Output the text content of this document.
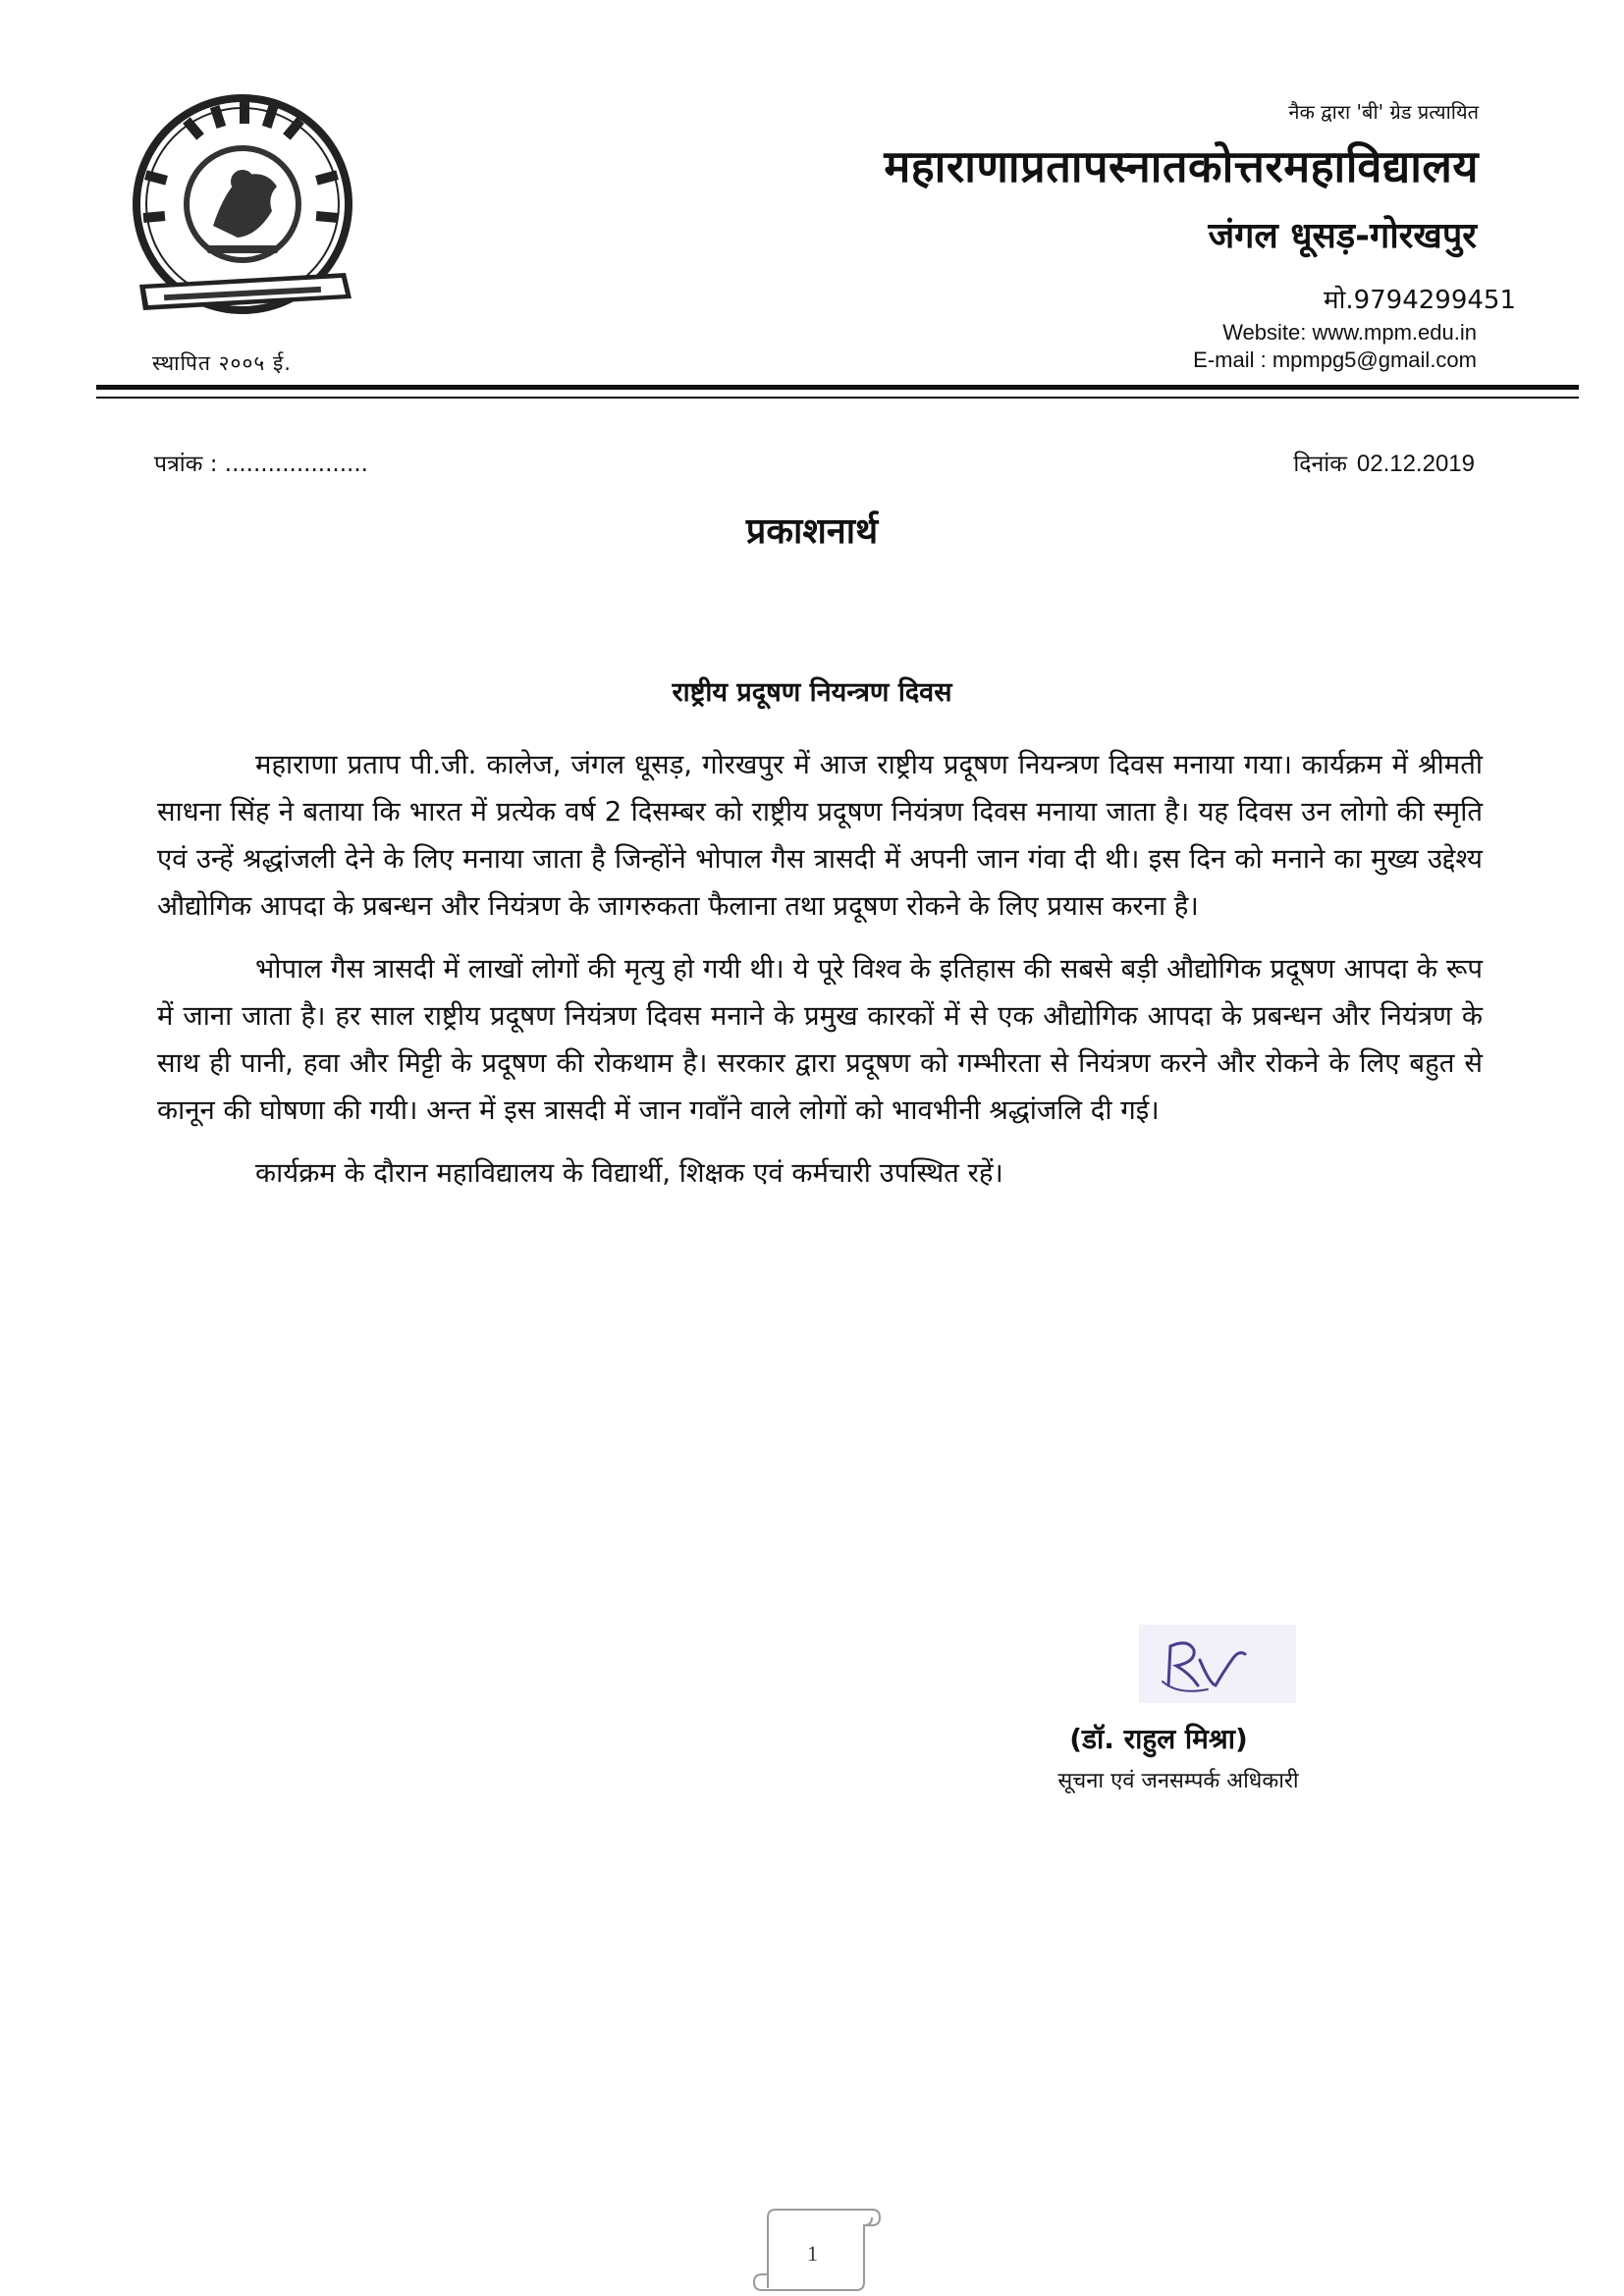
स्थापित २००५ ई.
नैक द्वारा 'बी' ग्रेड प्रत्यायित
महाराणाप्रतापस्नातकोत्तरमहाविद्यालय
जंगल धूसड़-गोरखपुर
मो.9794299451
Website: www.mpm.edu.in
E-mail : mpmpg5@gmail.com
पत्रांक : ....................	दिनांक 02.12.2019
प्रकाशनार्थ
राष्ट्रीय प्रदूषण नियन्त्रण दिवस

महाराणा प्रताप पी.जी. कालेज, जंगल धूसड़, गोरखपुर में आज राष्ट्रीय प्रदूषण नियन्त्रण दिवस मनाया गया। कार्यक्रम में श्रीमती साधना सिंह ने बताया कि भारत में प्रत्येक वर्ष 2 दिसम्बर को राष्ट्रीय प्रदूषण नियंत्रण दिवस मनाया जाता है। यह दिवस उन लोगो की स्मृति एवं उन्हें श्रद्धांजली देने के लिए मनाया जाता है जिन्होंने भोपाल गैस त्रासदी में अपनी जान गंवा दी थी। इस दिन को मनाने का मुख्य उद्देश्य औद्योगिक आपदा के प्रबन्धन और नियंत्रण के जागरुकता फैलाना तथा प्रदूषण रोकने के लिए प्रयास करना है।

भोपाल गैस त्रासदी में लाखों लोगों की मृत्यु हो गयी थी। ये पूरे विश्व के इतिहास की सबसे बड़ी औद्योगिक प्रदूषण आपदा के रूप में जाना जाता है। हर साल राष्ट्रीय प्रदूषण नियंत्रण दिवस मनाने के प्रमुख कारकों में से एक औद्योगिक आपदा के प्रबन्धन और नियंत्रण के साथ ही पानी, हवा और मिट्टी के प्रदूषण की रोकथाम है। सरकार द्वारा प्रदूषण को गम्भीरता से नियंत्रण करने और रोकने के लिए बहुत से कानून की घोषणा की गयी। अन्त में इस त्रासदी में जान गवाँने वाले लोगों को भावभीनी श्रद्धांजलि दी गई।

कार्यक्रम के दौरान महाविद्यालय के विद्यार्थी, शिक्षक एवं कर्मचारी उपस्थित रहें।

(डॉ. राहुल मिश्रा)
सूचना एवं जनसम्पर्क अधिकारी
1
